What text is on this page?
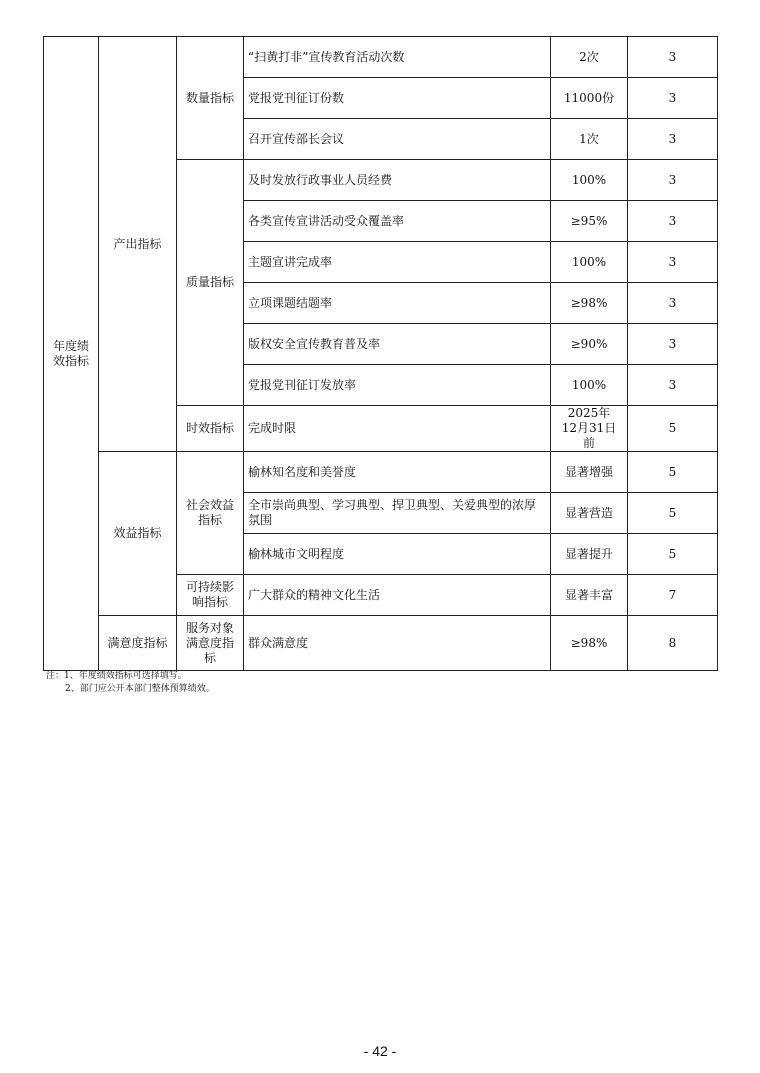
年度绩效指标	产出指标	数量指标	“扫黄打非”宣传教育活动次数	2次	3
			党报党刊征订份数	11000份	3
			召开宣传部长会议	1次	3
		质量指标	及时发放行政事业人员经费	100%	3
			各类宣传宣讲活动受众覆盖率	≥95%	3
			主题宣讲完成率	100%	3
			立项课题结题率	≥98%	3
			版权安全宣传教育普及率	≥90%	3
			党报党刊征订发放率	100%	3
		时效指标	完成时限	2025年12月31日前	5
	效益指标	社会效益指标	榆林知名度和美誉度	显著增强	5
			全市崇尚典型、学习典型、捍卫典型、关爱典型的浓厚氛围	显著营造	5
			榆林城市文明程度	显著提升	5
		可持续影响指标	广大群众的精神文化生活	显著丰富	7
	满意度指标	服务对象满意度指标	群众满意度	≥98%	8
注：1、年度绩效指标可选择填写。
2、部门应公开本部门整体预算绩效。
- 42 -
